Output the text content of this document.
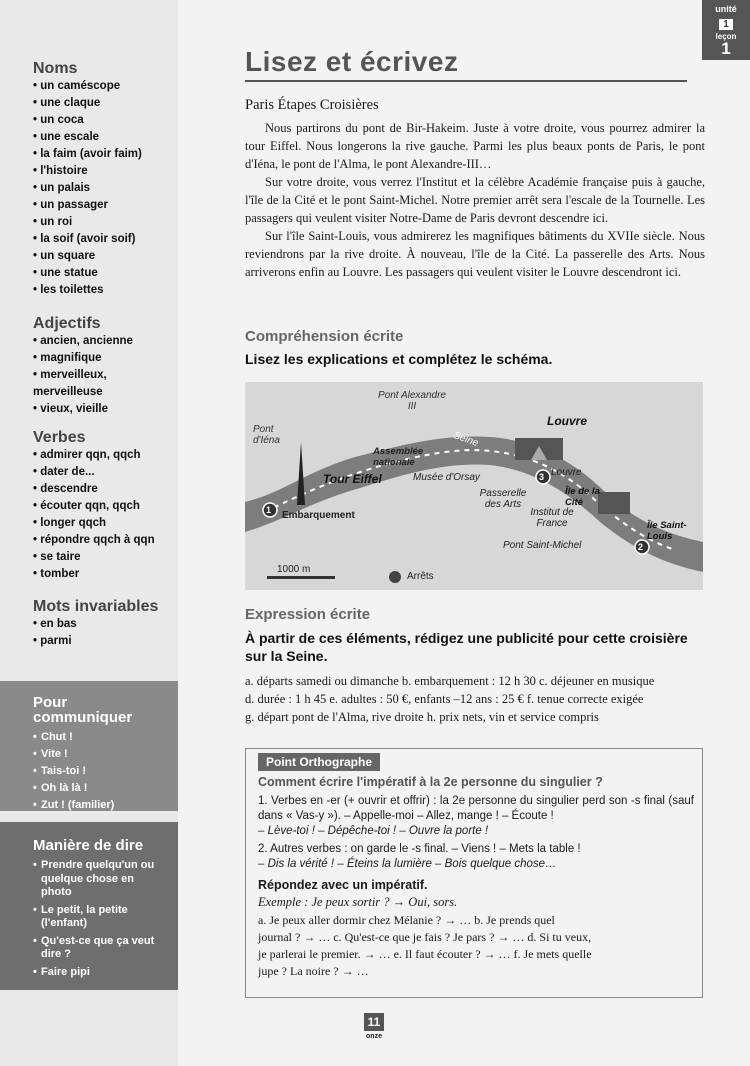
Noms
• un caméscope
• une claque
• un coca
• une escale
• la faim (avoir faim)
• l'histoire
• un palais
• un passager
• un roi
• la soif (avoir soif)
• un square
• une statue
• les toilettes
Adjectifs
• ancien, ancienne
• magnifique
• merveilleux, merveilleuse
• vieux, vieille
Verbes
• admirer qqn, qqch
• dater de...
• descendre
• écouter qqn, qqch
• longer qqch
• répondre qqch à qqn
• se taire
• tomber
Mots invariables
• en bas
• parmi
Pour
communiquer
• Chut !
• Vite !
• Tais-toi !
• Oh là là !
• Zut ! (familier)
Manière de dire
• Prendre quelqu'un ou quelque chose en photo
• Le petit, la petite (l'enfant)
• Qu'est-ce que ça veut dire ?
• Faire pipi
unité
1
leçon
1
Lisez et écrivez
Paris Étapes Croisières

Nous partirons du pont de Bir-Hakeim. Juste à votre droite, vous pourrez admirer la tour Eiffel. Nous longerons la rive gauche. Parmi les plus beaux ponts de Paris, le pont d'Iéna, le pont de l'Alma, le pont Alexandre-III…

Sur votre droite, vous verrez l'Institut et la célèbre Académie française puis à gauche, l'île de la Cité et le pont Saint-Michel. Notre premier arrêt sera l'escale de la Tournelle. Les passagers qui veulent visiter Notre-Dame de Paris devront descendre ici.

Sur l'île Saint-Louis, vous admirerez les magnifiques bâtiments du XVIIe siècle. Nous reviendrons par la rive droite. À nouveau, l'île de la Cité. La passerelle des Arts. Nous arriverons enfin au Louvre. Les passagers qui veulent visiter le Louvre descendront ici.

Compréhension écrite
Lisez les explications et complétez le schéma.
1
3
2
Pont d'Iéna
Pont Alexandre III
Assemblée nationale
Tour Eiffel
Seine
Louvre
Louvre
Musée d'Orsay
Passerelle des Arts
Île de la Cité
Institut de France	Île Saint-Louis
Pont Saint-Michel
Embarquement
1000 m
Arrêts
Expression écrite
À partir de ces éléments, rédigez une publicité pour cette croisière sur la Seine.
a. départs samedi ou dimanche b. embarquement : 12 h 30 c. déjeuner en musique
d. durée : 1 h 45 e. adultes : 50 €, enfants –12 ans : 25 € f. tenue correcte exigée
g. départ pont de l'Alma, rive droite h. prix nets, vin et service compris
Point Orthographe
Comment écrire l'impératif à la 2e personne du singulier ?
1. Verbes en -er (+ ouvrir et offrir) : la 2e personne du singulier perd son -s final (sauf dans « Vas-y »). – Appelle-moi – Allez, mange ! – Écoute !
– Lève-toi ! – Dépêche-toi ! – Ouvre la porte !
2. Autres verbes : on garde le -s final. – Viens ! – Mets la table !
– Dis la vérité ! – Éteins la lumière – Bois quelque chose…
Répondez avec un impératif.
Exemple : Je peux sortir ? → Oui, sors.
a. Je peux aller dormir chez Mélanie ? → … b. Je prends quel
journal ? → … c. Qu'est-ce que je fais ? Je pars ? → … d. Si tu veux,
je parlerai le premier. → … e. Il faut écouter ? → … f. Je mets quelle
jupe ? La noire ? → …
11
onze
